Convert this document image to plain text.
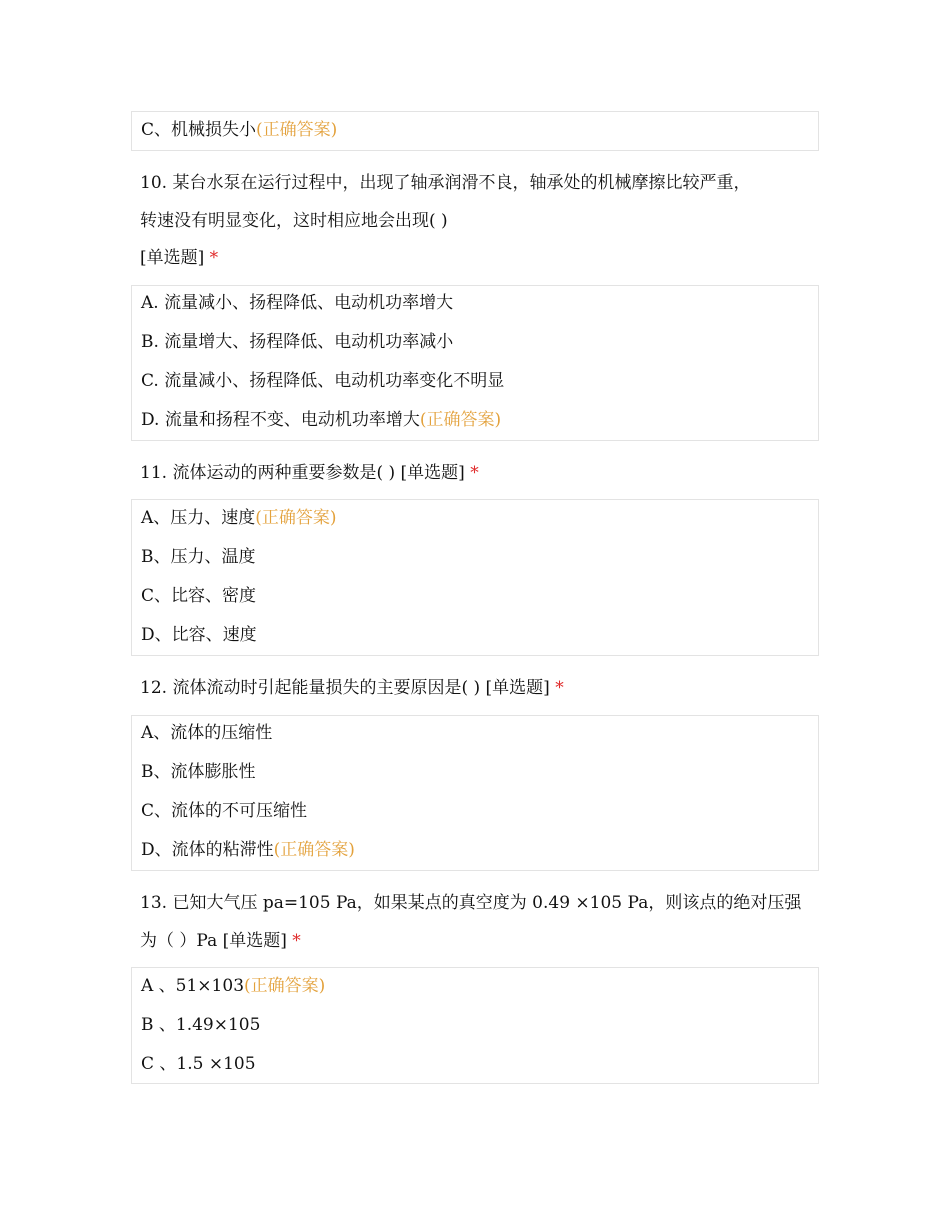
C、机械损失小(正确答案)
10. 某台水泵在运行过程中，出现了轴承润滑不良，轴承处的机械摩擦比较严重，
转速没有明显变化，这时相应地会出现( )
[单选题] *
A. 流量减小、扬程降低、电动机功率增大
B. 流量增大、扬程降低、电动机功率减小
C. 流量减小、扬程降低、电动机功率变化不明显
D. 流量和扬程不变、电动机功率增大(正确答案)
11. 流体运动的两种重要参数是( ) [单选题] *
A、压力、速度(正确答案)
B、压力、温度
C、比容、密度
D、比容、速度
12. 流体流动时引起能量损失的主要原因是( ) [单选题] *
A、流体的压缩性
B、流体膨胀性
C、流体的不可压缩性
D、流体的粘滞性(正确答案)
13. 已知大气压 pa=105 Pa，如果某点的真空度为 0.49 ×105 Pa，则该点的绝对压强
为（ ）Pa [单选题] *
A 、51×103(正确答案)
B 、1.49×105
C 、1.5 ×105
